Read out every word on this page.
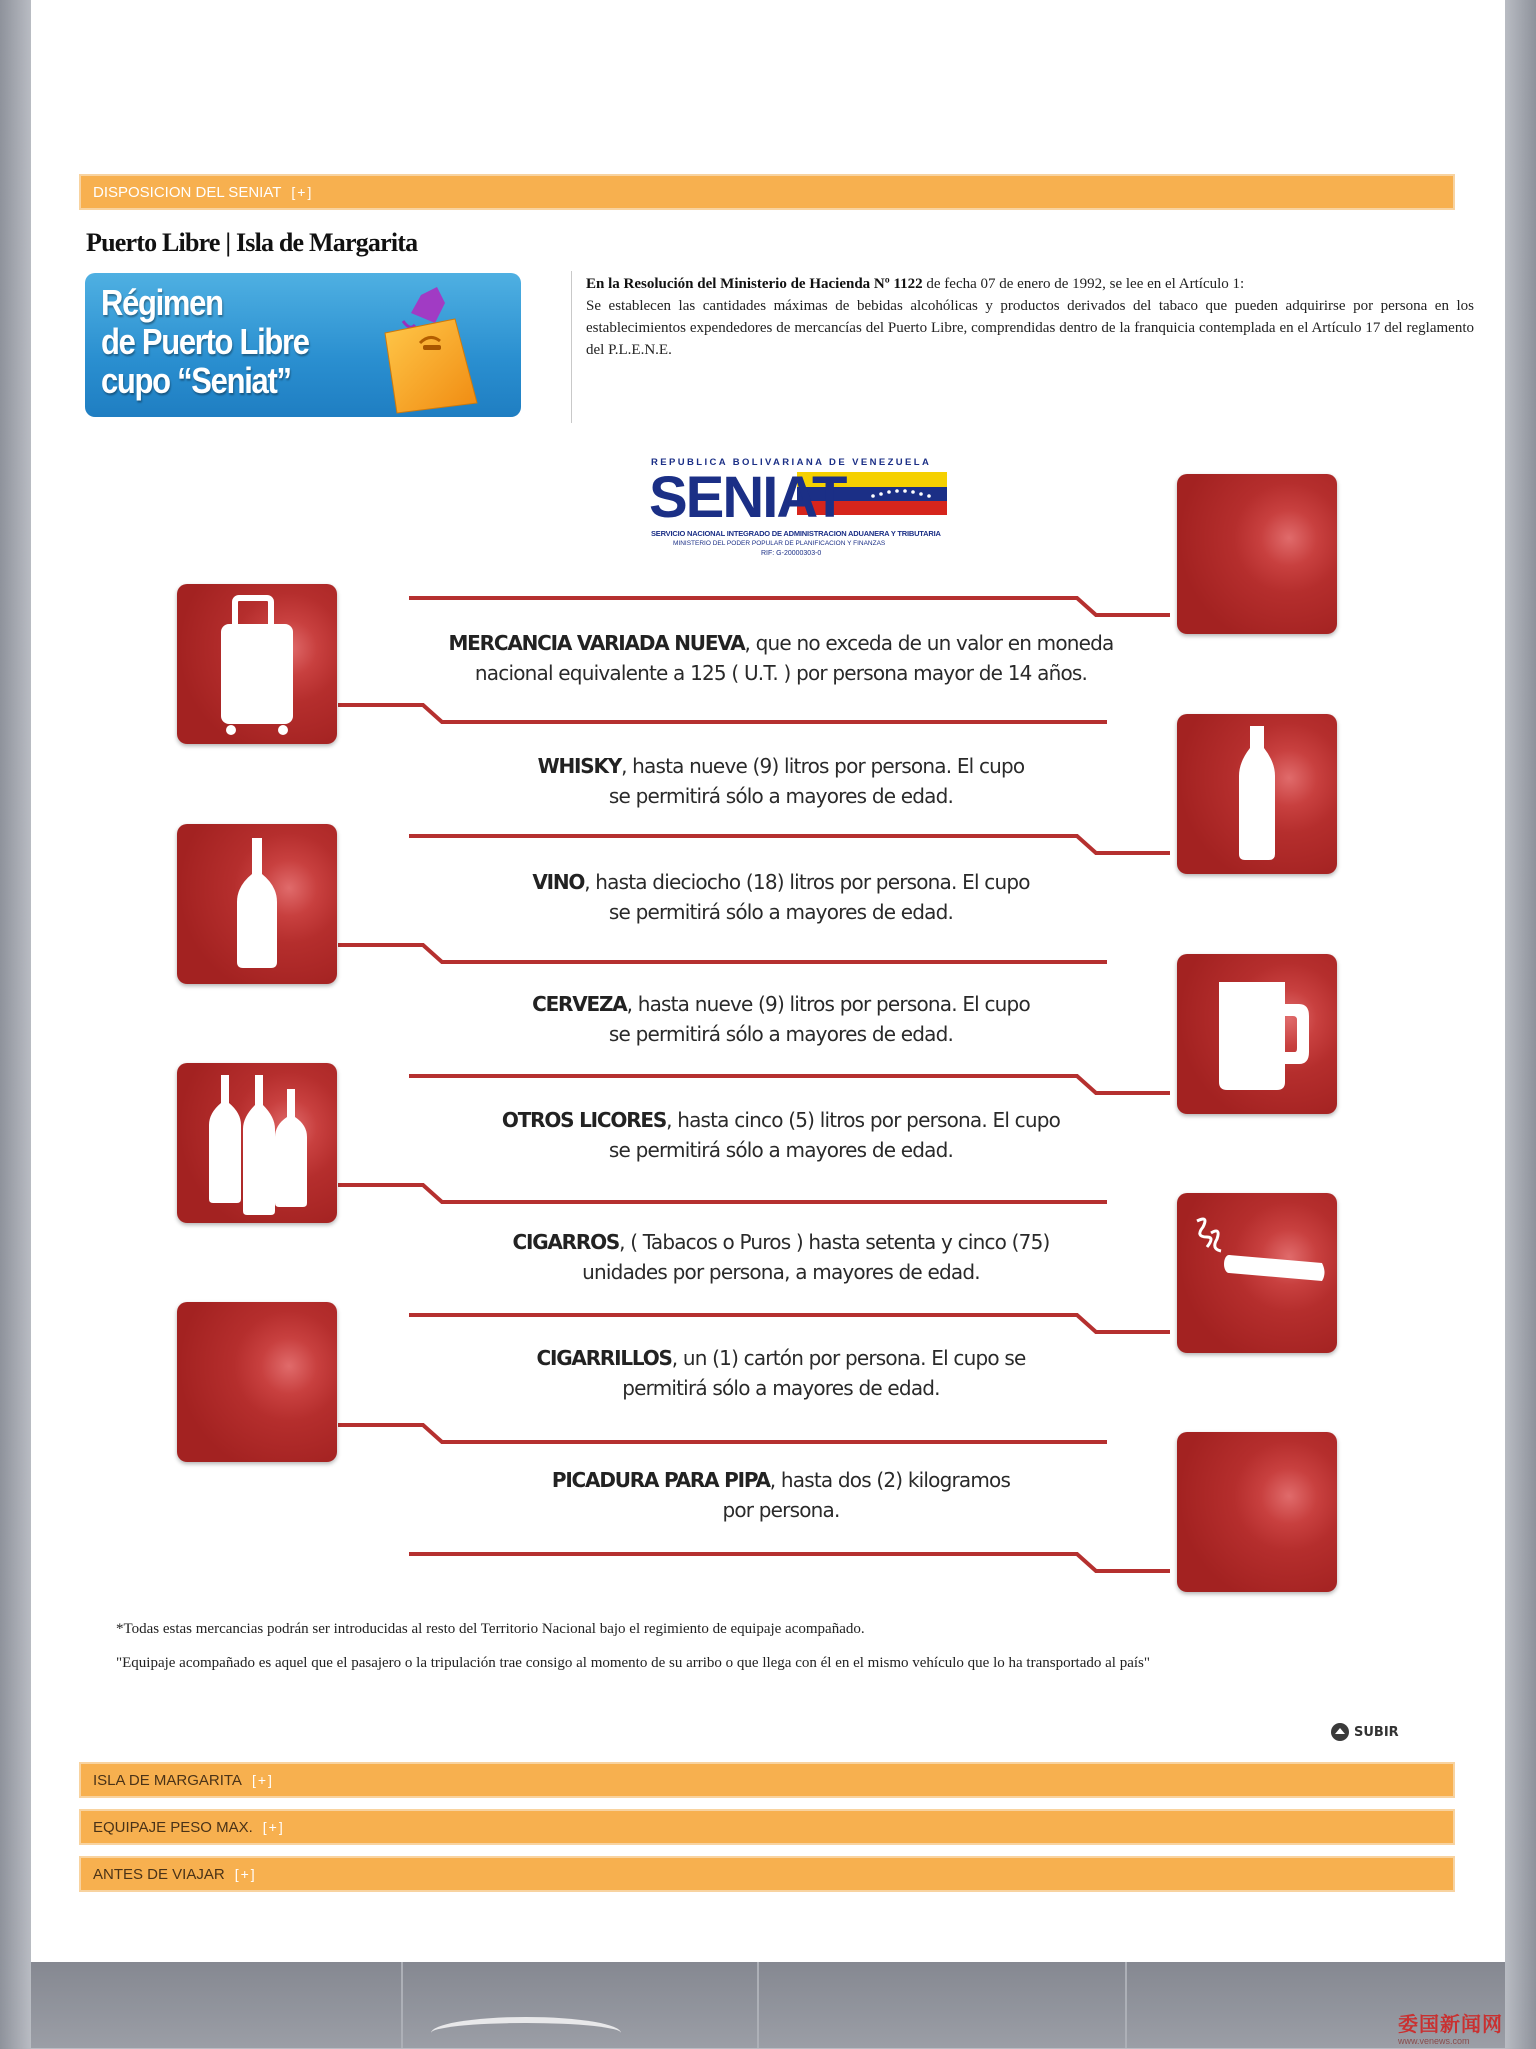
DISPOSICION DEL SENIAT [ + ]
Puerto Libre | Isla de Margarita
Régimen
de Puerto Libre
cupo “Seniat”
En la Resolución del Ministerio de Hacienda Nº 1122 de fecha 07 de enero de 1992, se lee en el Artículo 1:
Se establecen las cantidades máximas de bebidas alcohólicas y productos derivados del tabaco que pueden adquirirse por persona en los establecimientos expendedores de mercancías del Puerto Libre, comprendidas dentro de la franquicia contemplada en el Artículo 17 del reglamento del P.L.E.N.E.
REPUBLICA BOLIVARIANA DE VENEZUELA
SENIAT
SERVICIO NACIONAL INTEGRADO DE ADMINISTRACION ADUANERA Y TRIBUTARIA
MINISTERIO DEL PODER POPULAR DE PLANIFICACION Y FINANZAS
RIF: G-20000303-0
MERCANCIA VARIADA NUEVA, que no exceda de un valor en moneda
nacional equivalente a 125 ( U.T. ) por persona mayor de 14 años.
WHISKY, hasta nueve (9) litros por persona. El cupo
se permitirá sólo a mayores de edad.
VINO, hasta dieciocho (18) litros por persona. El cupo
se permitirá sólo a mayores de edad.
CERVEZA, hasta nueve (9) litros por persona. El cupo
se permitirá sólo a mayores de edad.
OTROS LICORES, hasta cinco (5) litros por persona. El cupo
se permitirá sólo a mayores de edad.
CIGARROS, ( Tabacos o Puros ) hasta setenta y cinco (75)
unidades por persona, a mayores de edad.
CIGARRILLOS, un (1) cartón por persona. El cupo se
permitirá sólo a mayores de edad.
PICADURA PARA PIPA, hasta dos (2) kilogramos
por persona.
*Todas estas mercancias podrán ser introducidas al resto del Territorio Nacional bajo el regimiento de equipaje acompañado.
"Equipaje acompañado es aquel que el pasajero o la tripulación trae consigo al momento de su arribo o que llega con él en el mismo vehículo que lo ha transportado al país"
SUBIR
ISLA DE MARGARITA [ + ]
EQUIPAJE PESO MAX. [ + ]
ANTES DE VIAJAR [ + ]
委国新闻网
www.venews.com
